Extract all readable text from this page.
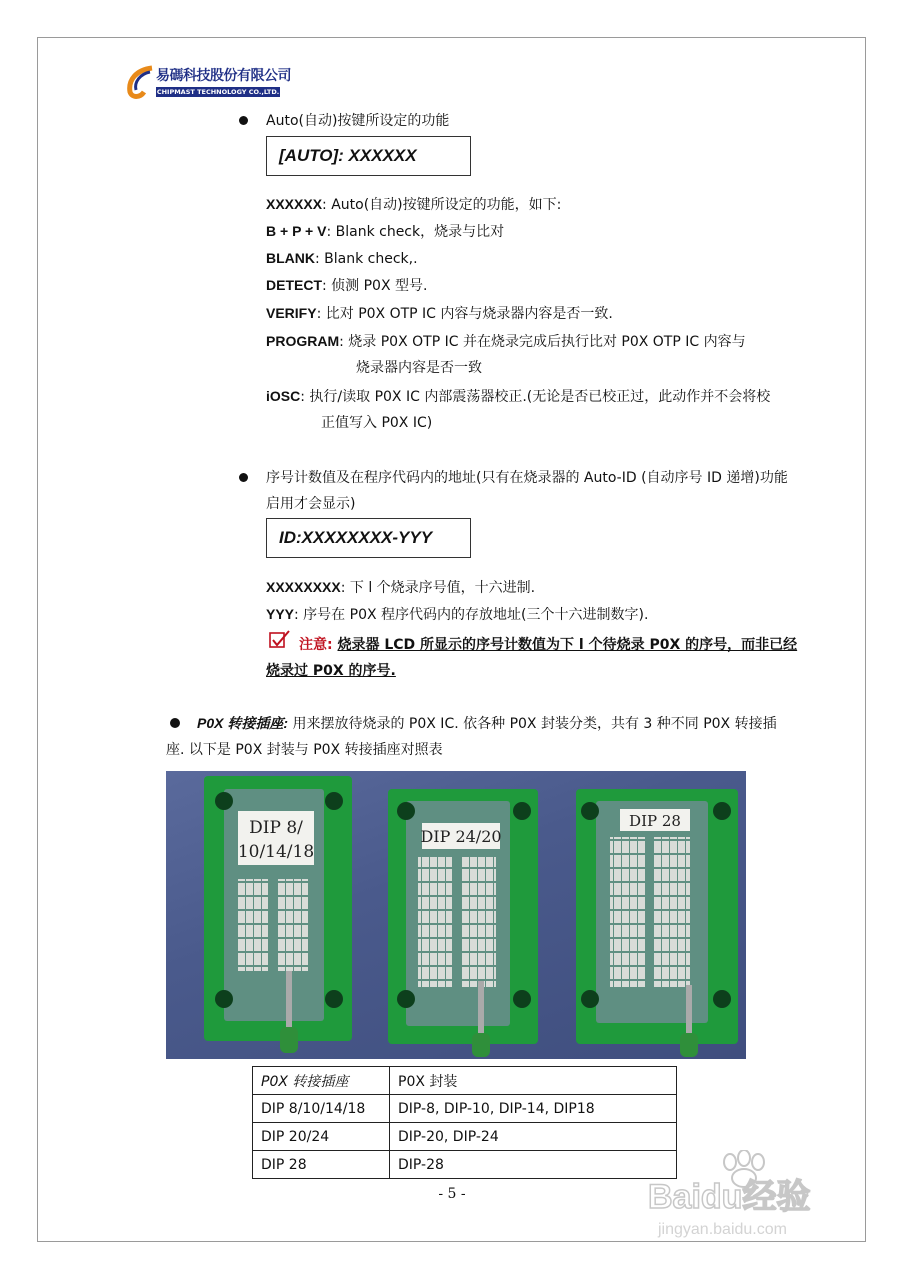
易碼科技股份有限公司
CHIPMAST TECHNOLOGY CO.,LTD.
Auto(自动)按键所设定的功能
[AUTO]: XXXXXX
XXXXXX: Auto(自动)按键所设定的功能，如下:
B + P + V: Blank check，烧录与比对
BLANK: Blank check,.
DETECT: 侦测 P0X 型号.
VERIFY: 比对 P0X OTP IC 内容与烧录器内容是否一致.
PROGRAM: 烧录 P0X OTP IC 并在烧录完成后执行比对 P0X OTP IC 内容与
烧录器内容是否一致
iOSC: 执行/读取 P0X IC 内部震荡器校正.(无论是否已校正过，此动作并不会将校
正值写入 P0X IC)
序号计数值及在程序代码内的地址(只有在烧录器的 Auto-ID (自动序号 ID 递增)功能
启用才会显示)
ID:XXXXXXXX-YYY
XXXXXXXX: 下 l 个烧录序号值，十六进制.
YYY: 序号在 P0X 程序代码内的存放地址(三个十六进制数字).
注意: 烧录器 LCD 所显示的序号计数值为下 l 个待烧录 P0X 的序号，而非已经
烧录过 P0X 的序号.
P0X 转接插座: 用来摆放待烧录的 P0X IC. 依各种 P0X 封装分类，共有 3 种不同 P0X 转接插
座. 以下是 P0X 封装与 P0X 转接插座对照表
DIP 8/
10/14/18
DIP 24/20
DIP 28
P0X 转接插座	P0X 封装
DIP 8/10/14/18	DIP-8, DIP-10, DIP-14, DIP18
DIP 20/24	DIP-20, DIP-24
DIP 28	DIP-28
- 5 -	Baidu经验
jingyan.baidu.com
